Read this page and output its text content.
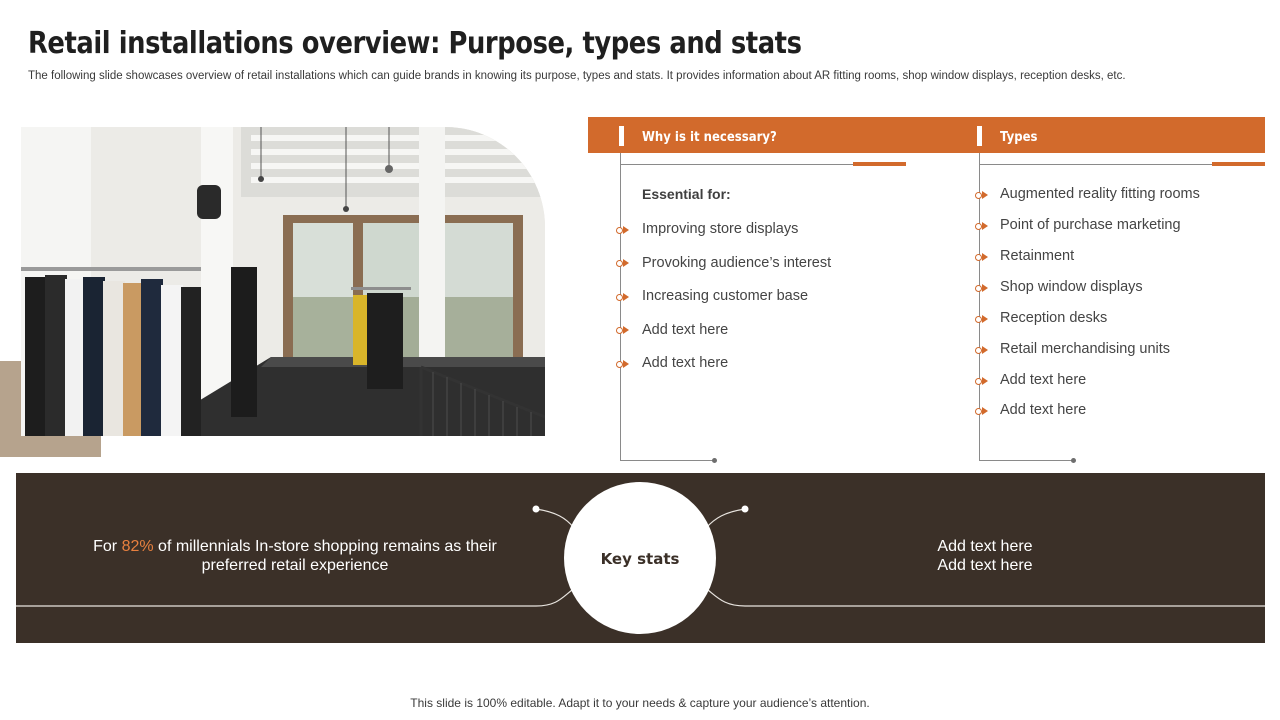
Retail installations overview: Purpose, types and stats
The following slide showcases overview of retail installations which can guide brands in knowing its purpose, types and stats. It provides information about AR fitting rooms, shop window displays, reception desks, etc.
Why is it necessary?
Essential for:
Improving store displays
Provoking audience’s interest
Increasing customer base
Add text here
Add text here
Types
Augmented reality fitting rooms
Point of purchase marketing
Retainment
Shop window displays
Reception desks
Retail merchandising units
Add text here
Add text here
Key stats
For 82% of millennials In-store shopping remains as their preferred retail experience
Add text here
Add text here
This slide is 100% editable. Adapt it to your needs & capture your audience’s attention.
